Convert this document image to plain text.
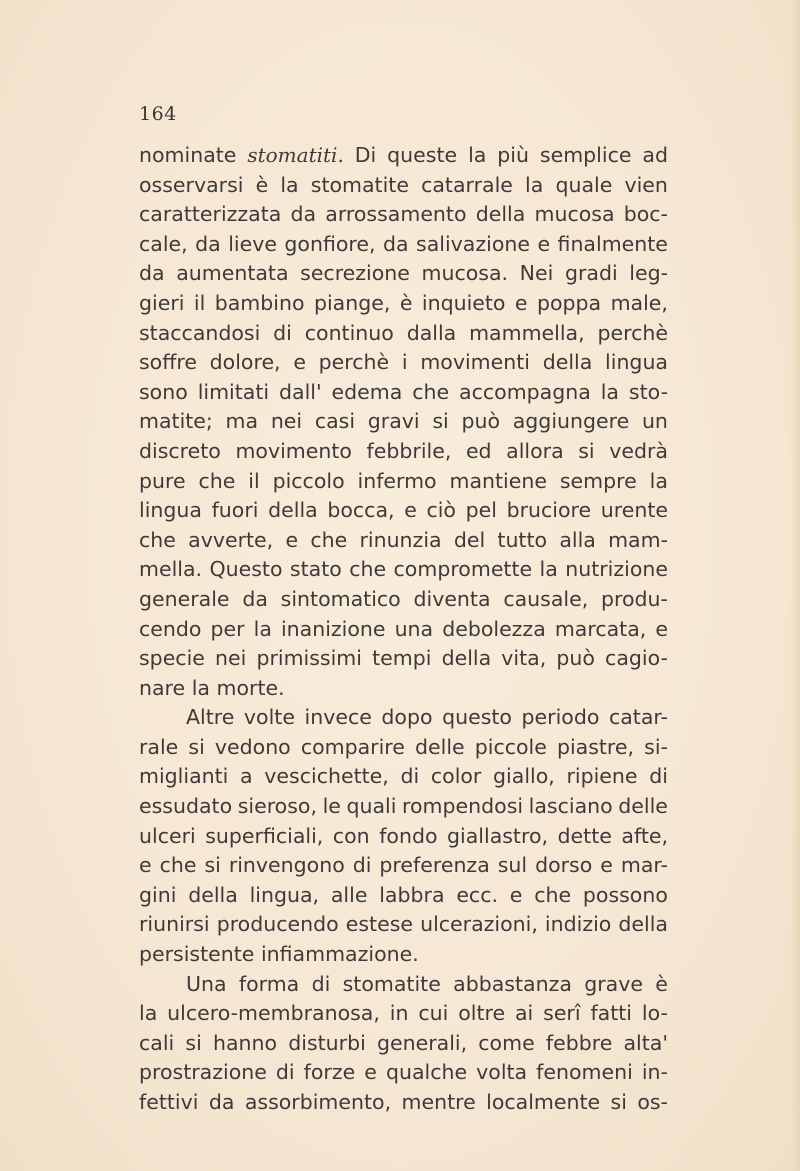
164
nominate stomatiti. Di queste la più semplice ad
osservarsi è la stomatite catarrale la quale vien
caratterizzata da arrossamento della mucosa boc-
cale, da lieve gonfiore, da salivazione e finalmente
da aumentata secrezione mucosa. Nei gradi leg-
gieri il bambino piange, è inquieto e poppa male,
staccandosi di continuo dalla mammella, perchè
soffre dolore, e perchè i movimenti della lingua
sono limitati dall' edema che accompagna la sto-
matite; ma nei casi gravi si può aggiungere un
discreto movimento febbrile, ed allora si vedrà
pure che il piccolo infermo mantiene sempre la
lingua fuori della bocca, e ciò pel bruciore urente
che avverte, e che rinunzia del tutto alla mam-
mella. Questo stato che compromette la nutrizione
generale da sintomatico diventa causale, produ-
cendo per la inanizione una debolezza marcata, e
specie nei primissimi tempi della vita, può cagio-
nare la morte.
Altre volte invece dopo questo periodo catar-
rale si vedono comparire delle piccole piastre, si-
miglianti a vescichette, di color giallo, ripiene di
essudato sieroso, le quali rompendosi lasciano delle
ulceri superficiali, con fondo giallastro, dette afte,
e che si rinvengono di preferenza sul dorso e mar-
gini della lingua, alle labbra ecc. e che possono
riunirsi producendo estese ulcerazioni, indizio della
persistente infiammazione.
Una forma di stomatite abbastanza grave è
la ulcero-membranosa, in cui oltre ai serî fatti lo-
cali si hanno disturbi generali, come febbre alta'
prostrazione di forze e qualche volta fenomeni in-
fettivi da assorbimento, mentre localmente si os-
